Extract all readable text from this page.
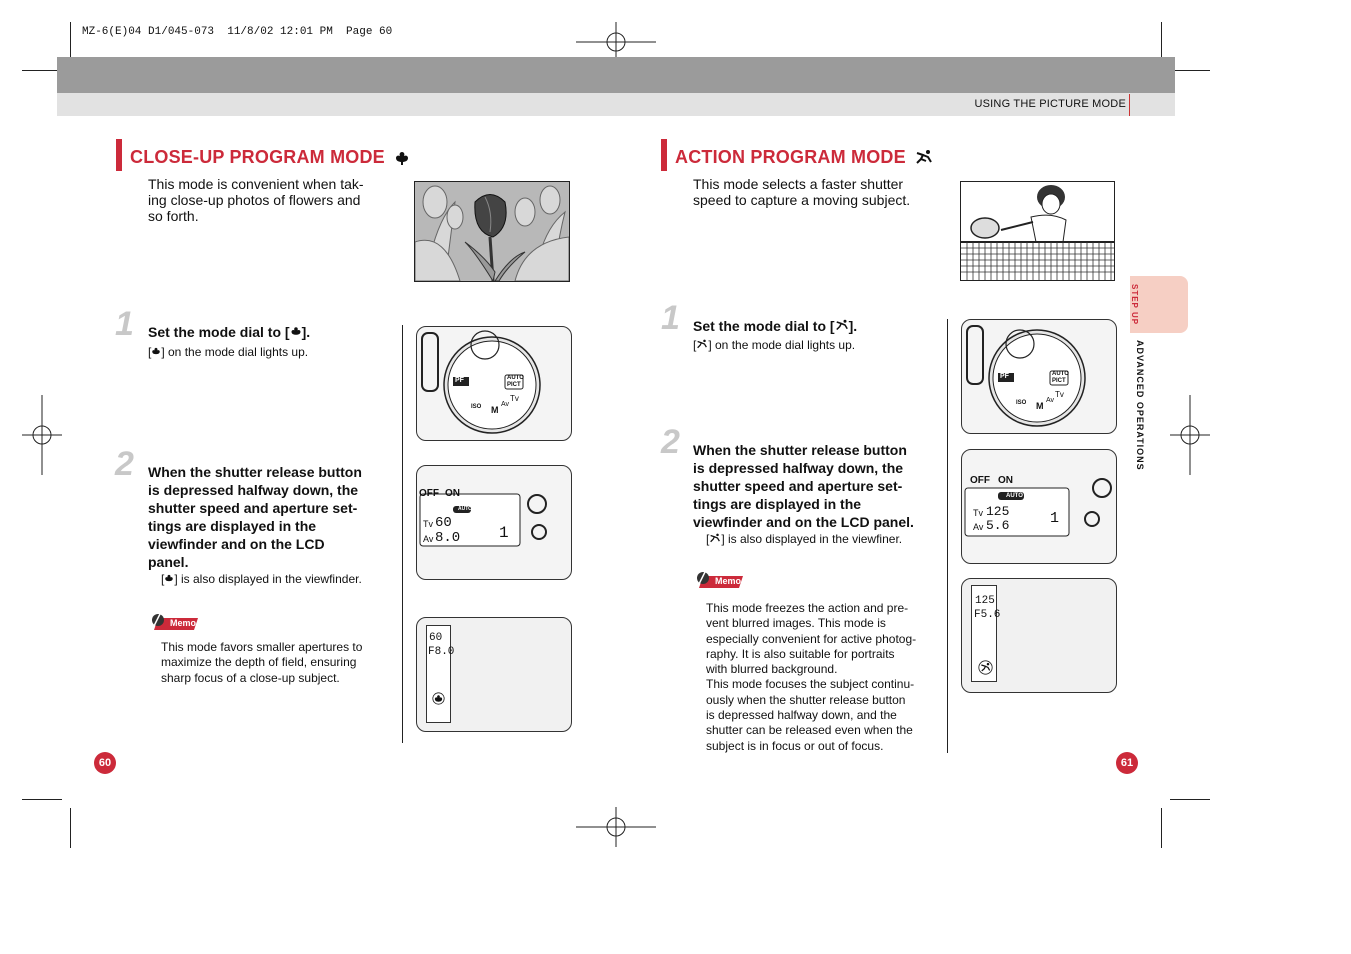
MZ-6(E)04 D1/045-073  11/8/02 12:01 PM  Page 60
USING THE PICTURE MODE
STEP UP
ADVANCED OPERATIONS
CLOSE-UP PROGRAM MODE
This mode is convenient when tak-
ing close-up photos of flowers and
so forth.
1 Set the mode dial to [ ].
[ ] on the mode dial lights up.
2 When the shutter release button
is depressed halfway down, the
shutter speed and aperture set-
tings are displayed in the
viewfinder and on the LCD
panel.
[ ] is also displayed in the viewfinder.
Memo
This mode favors smaller apertures to
maximize the depth of field, ensuring
sharp focus of a close-up subject.
PF	AUTO
PICT
Tv
Av
M
ISO
OFF ON
AUTO
Tv 60
Av 8.0 1
60
F8.0
60
ACTION PROGRAM MODE
This mode selects a faster shutter
speed to capture a moving subject.
1 Set the mode dial to [ ].
[ ] on the mode dial lights up.
2 When the shutter release button
is depressed halfway down, the
shutter speed and aperture set-
tings are displayed in the
viewfinder and on the LCD panel.
[ ] is also displayed in the viewfiner.
Memo
This mode freezes the action and pre-
vent blurred images. This mode is
especially convenient for active photog-
raphy. It is also suitable for portraits
with blurred background.
This mode focuses the subject continu-
ously when the shutter release button
is depressed halfway down, and the
shutter can be released even when the
subject is in focus or out of focus.
PF	AUTO
PICT
Tv
Av
M
ISO
OFF ON
AUTO
Tv 125
Av 5.6	1
125
F5.6
61
